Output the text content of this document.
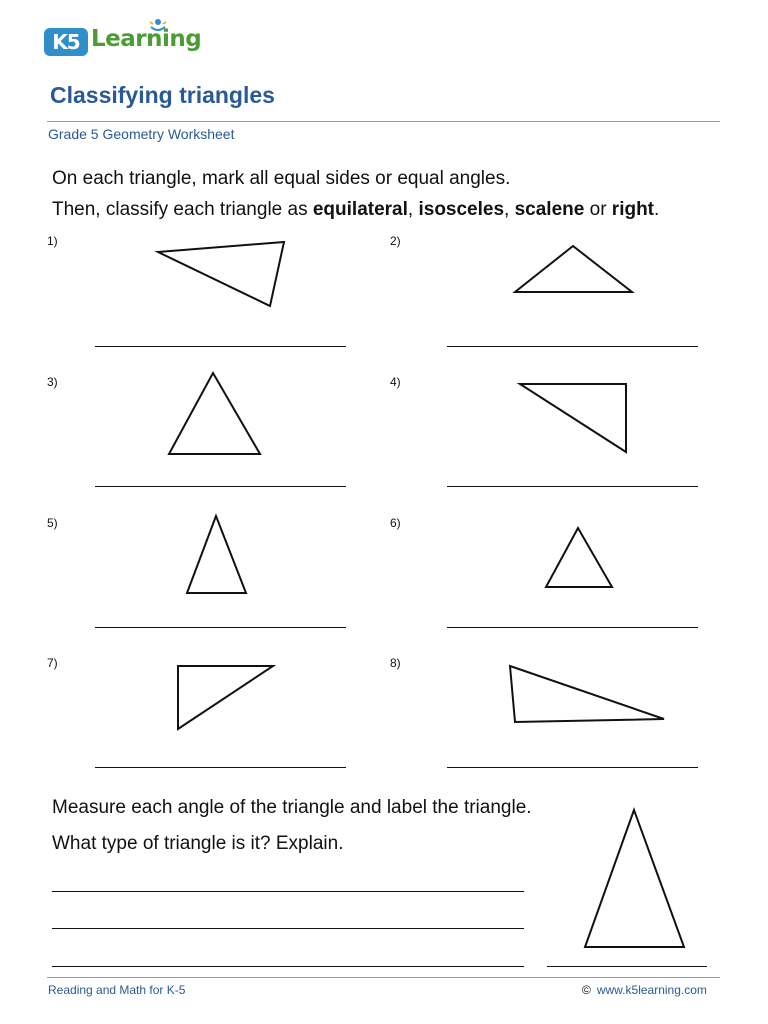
K5 Learning
Classifying triangles
Grade 5 Geometry Worksheet
On each triangle, mark all equal sides or equal angles.
Then, classify each triangle as equilateral, isosceles, scalene or right.
1)	2)
3)	4)
5)	6)
7)	8)
Measure each angle of the triangle and label the triangle.
What type of triangle is it? Explain.
Reading and Math for K-5	© www.k5learning.com
